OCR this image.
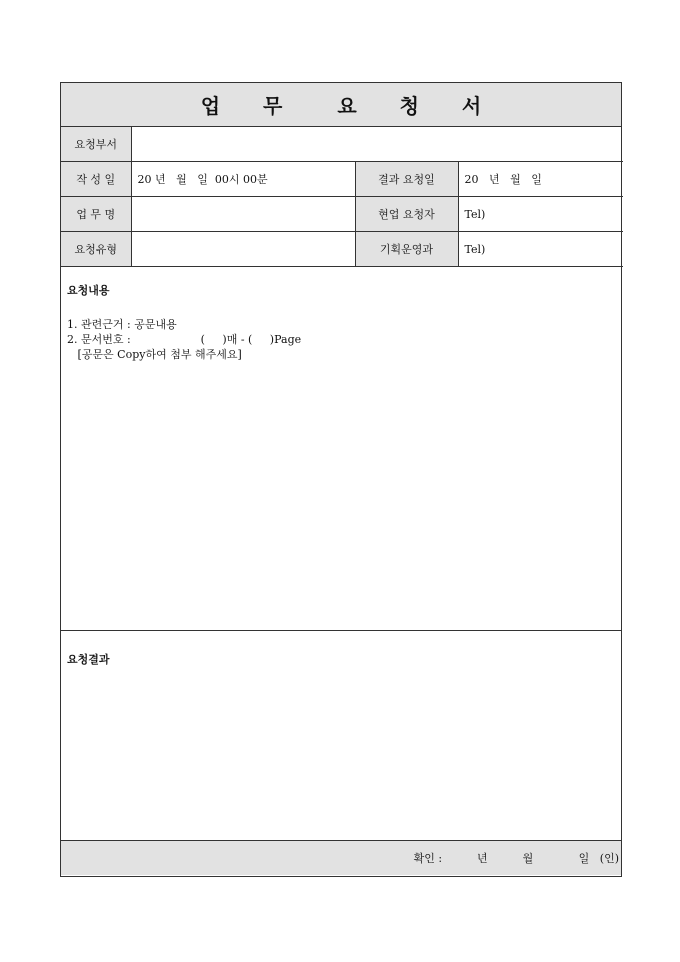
업 무	요 청 서
요청부서			
작 성 일	20 년   월   일  00시 00분	결과 요청일	20   년   월   일
업 무 명		현업 요청자	Tel)
요청유형		기획운영과	Tel)
요청내용
1. 관련근거 : 공문내용
2. 문서번호 :                    (     )매 - (     )Page
[공문은 Copy하여 첨부 해주세요]
요청결과
확인 :          년          월             일   (인)
